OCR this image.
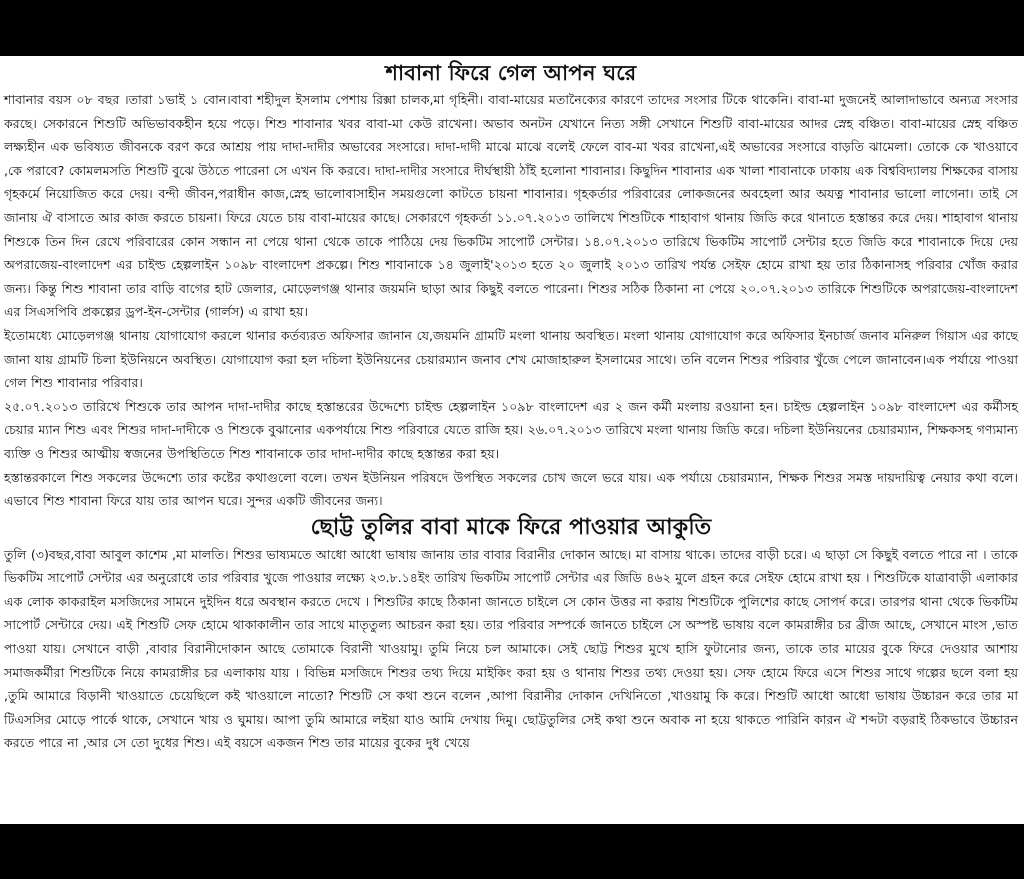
শাবানা ফিরে গেল আপন ঘরে

শাবানার বয়স ০৮ বছর ।তারা ১ভাই ১ বোন।বাবা শহীদুল ইসলাম পেশায় রিক্সা চালক,মা গৃহিনী। বাবা-মায়ের মতানৈক্যের কারণে তাদের সংসার টিকে থাকেনি। বাবা-মা দুজনেই আলাদাভাবে অন্যত্র সংসার করছে। সেকারনে শিশুটি অভিভাবকহীন হয়ে পড়ে। শিশু শাবানার খবর বাবা-মা কেউ রাখেনা। অভাব অনটন যেখানে নিত্য সঙ্গী সেখানে শিশুটি বাবা-মায়ের আদর স্নেহ বঞ্চিত। বাবা-মায়ের স্নেহ বঞ্চিত লক্ষ্যহীন এক ভবিষ্যত জীবনকে বরণ করে আশ্রয় পায় দাদা-দাদীর অভাবের সংসারে। দাদা-দাদী মাঝে মাঝে বলেই ফেলে বাব-মা খবর রাখেনা,এই অভাবের সংসারে বাড়তি ঝামেলা। তোকে কে খাওয়াবে ,কে পরাবে? কোমলমসতি শিশুটি বুঝে উঠতে পারেনা সে এখন কি করবে। দাদা-দাদীর সংসারে দীর্ঘস্থায়ী ঠাঁই হলোনা শাবানার। কিছুদিন শাবানার এক খালা শাবানাকে ঢাকায় এক বিশ্ববিদ্যালয় শিক্ষকের বাসায় গৃহকর্মে নিয়োজিত করে দেয়। বন্দী জীবন,পরাধীন কাজ,স্নেহ ভালোবাসাহীন সময়গুলো কাটতে চায়না শাবানার। গৃহকর্তার পরিবারের লোকজনের অবহেলা আর অযত্ন শাবানার ভালো লাগেনা। তাই সে জানায় ঐ বাসাতে আর কাজ করতে চায়না। ফিরে যেতে চায় বাবা-মায়ের কাছে। সেকারণে গৃহকর্তা ১১.০৭.২০১৩ তালিখে শিশুটিকে শাহাবাগ থানায় জিডি করে থানাতে হস্তান্তর করে দেয়। শাহাবাগ থানায় শিশুকে তিন দিন রেখে পরিবারের কোন সন্ধান না পেয়ে থানা থেকে তাকে পাঠিয়ে দেয় ভিকটিম সাপোর্ট সেন্টার। ১৪.০৭.২০১৩ তারিখে ভিকটিম সাপোর্ট সেন্টার হতে জিডি করে শাবানাকে দিয়ে দেয় অপরাজেয়-বাংলাদেশ এর চাইল্ড হেল্পলাইন ১০৯৮ বাংলাদেশ প্রকল্পে। শিশু শাবানাকে ১৪ জুলাই'২০১৩ হতে ২০ জুলাই ২০১৩ তারিখ পর্যন্ত সেইফ হোমে রাখা হয় তার ঠিকানাসহ পরিবার খোঁজ করার জন্য। কিন্তু শিশু শাবানা তার বাড়ি বাগের হাট জেলার, মোড়েলগঞ্জ থানার জয়মনি ছাড়া আর কিছুই বলতে পারেনা। শিশুর সঠিক ঠিকানা না পেয়ে ২০.০৭.২০১৩ তারিকে শিশুটিকে অপরাজেয়-বাংলাদেশ এর সিএসপিবি প্রকল্পের ড্রপ-ইন-সেন্টার (গার্লস) এ রাখা হয়।

ইতোমধ্যে মোড়েলগঞ্জ থানায় যোগাযোগ করলে থানার কর্তব্যরত অফিসার জানান যে,জয়মনি গ্রামটি মংলা থানায় অবস্থিত। মংলা থানায় যোগাযোগ করে অফিসার ইনচার্জ জনাব মনিরুল গিয়াস এর কাছে জানা যায় গ্রামটি চিলা ইউনিয়নে অবস্থিত। যোগাযোগ করা হল দচিলা ইউনিয়নের চেয়ারম্যান জনাব শেখ মোজাহারুল ইসলামের সাথে। তনি বলেন শিশুর পরিবার খুঁজে পেলে জানাবেন।এক পর্যায়ে পাওয়া গেল শিশু শাবানার পরিবার।

২৫.০৭.২০১৩ তারিখে শিশুকে তার আপন দাদা-দাদীর কাছে হস্তান্তরের উদ্দেশ্যে চাইল্ড হেল্পলাইন ১০৯৮ বাংলাদেশ এর ২ জন কর্মী মংলায় রওয়ানা হন। চাইল্ড হেল্পলাইন ১০৯৮ বাংলাদেশ এর কর্মীসহ চেয়ার ম্যান শিশু এবং শিশুর দাদা-দাদীকে ও শিশুকে বুঝানোর একপর্যায়ে শিশু পরিবারে যেতে রাজি হয়। ২৬.০৭.২০১৩ তারিখে মংলা থানায় জিডি করে। দচিলা ইউনিয়নের চেয়ারম্যান, শিক্ষকসহ গণ্যমান্য ব্যক্তি ও শিশুর আত্মীয় স্বজনের উপস্থিতিতে শিশু শাবানাকে তার দাদা-দাদীর কাছে হস্তান্তর করা হয়।

হস্তান্তরকালে শিশু সকলের উদ্দেশ্যে তার কষ্টের কথাগুলো বলে। তখন ইউনিয়ন পরিষদে উপস্থিত সকলের চোখ জলে ভরে যায়। এক পর্যায়ে চেয়ারম্যান, শিক্ষক শিশুর সমস্ত দায়দায়িত্ব নেয়ার কথা বলে। এভাবে শিশু শাবানা ফিরে যায় তার আপন ঘরে। সুন্দর একটি জীবনের জন্য।

ছোট্ট তুলির বাবা মাকে ফিরে পাওয়ার আকুতি

তুলি (৩)বছর,বাবা আবুল কাশেম ,মা মালতি। শিশুর ভাষ্যমতে আধো আধো ভাষায় জানায় তার বাবার বিরানীর দোকান আছে। মা বাসায় থাকে। তাদের বাড়ী চরে। এ ছাড়া সে কিছুই বলতে পারে না । তাকে ভিকটিম সাপোর্ট সেন্টার এর অনুরোধে তার পরিবার খুজে পাওয়ার লক্ষ্যে ২৩.৮.১৪ইং তারিখ ভিকটিম সাপোর্ট সেন্টার এর জিডি ৪৬২ মুলে গ্রহন করে সেইফ হোমে রাখা হয় । শিশুটিকে যাত্রাবাড়ী এলাকার এক লোক কাকরাইল মসজিদের সামনে দুইদিন ধরে অবস্থান করতে দেখে । শিশুটির কাছে ঠিকানা জানতে চাইলে সে কোন উত্তর না করায় শিশুটিকে পুলিশের কাছে সোপর্দ করে। তারপর থানা থেকে ভিকটিম সাপোর্ট সেন্টারে দেয়। এই শিশুটি সেফ হোমে থাকাকালীন তার সাথে মাতৃতুল্য আচরন করা হয়। তার পরিবার সম্পর্কে জানতে চাইলে সে অস্পষ্ট ভাষায় বলে কামরাঙ্গীর চর ব্রীজ আছে, সেখানে মাংস ,ভাত পাওয়া যায়। সেখানে বাড়ী ,বাবার বিরানীদোকান আছে তোমাকে বিরানী খাওয়ামু। তুমি নিয়ে চল আমাকে। সেই ছোট্ট শিশুর মুখে হাসি ফুটানোর জন্য, তাকে তার মায়ের বুকে ফিরে দেওয়ার আশায় সমাজকর্মীরা শিশুটিকে নিয়ে কামরাঙ্গীর চর এলাকায় যায় । বিভিন্ন মসজিদে শিশুর তথ্য দিয়ে মাইকিং করা হয় ও থানায় শিশুর তথ্য দেওয়া হয়। সেফ হোমে ফিরে এসে শিশুর সাথে গল্পের ছলে বলা হয় ,তুমি আমারে বিড়ানী খাওয়াতে চেয়েছিলে কই খাওয়ালে নাতো? শিশুটি সে কথা শুনে বলেন ,আপা বিরানীর দোকান দেখিনিতো ,খাওয়ামু কি করে। শিশুটি আধো আধো ভাষায় উচ্চারন করে তার মা টিএসসির মোড়ে পার্কে থাকে, সেখানে খায় ও ঘুমায়। আপা তুমি আমারে লইয়া যাও আমি দেখায় দিমু। ছোট্টতুলির সেই কথা শুনে অবাক না হয়ে থাকতে পারিনি কারন ঐ শব্দটা বড়রাই ঠিকভাবে উচ্চারন করতে পারে না ,আর সে তো দুধের শিশু। এই বয়সে একজন শিশু তার মায়ের বুকের দুধ খেয়ে
